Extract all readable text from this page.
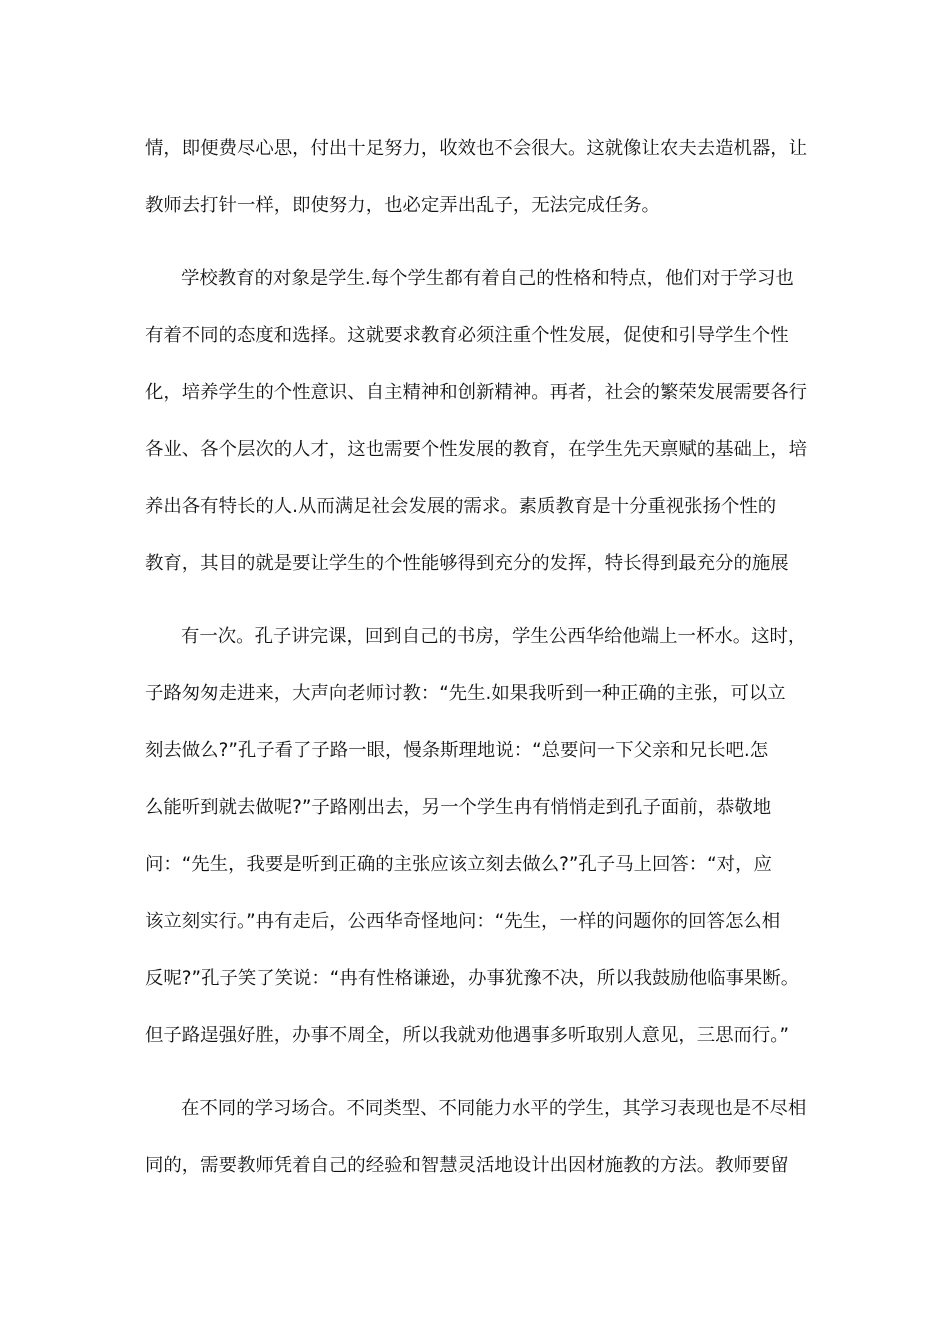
情，即便费尽心思，付出十足努力，收效也不会很大。这就像让农夫去造机器，让
教师去打针一样，即使努力，也必定弄出乱子，无法完成任务。
学校教育的对象是学生.每个学生都有着自己的性格和特点，他们对于学习也
有着不同的态度和选择。这就要求教育必须注重个性发展，促使和引导学生个性
化，培养学生的个性意识、自主精神和创新精神。再者，社会的繁荣发展需要各行
各业、各个层次的人才，这也需要个性发展的教育，在学生先天禀赋的基础上，培
养出各有特长的人.从而满足社会发展的需求。素质教育是十分重视张扬个性的
教育，其目的就是要让学生的个性能够得到充分的发挥，特长得到最充分的施展
有一次。孔子讲完课，回到自己的书房，学生公西华给他端上一杯水。这时，
子路匆匆走进来，大声向老师讨教：“先生.如果我听到一种正确的主张，可以立
刻去做么?”孔子看了子路一眼，慢条斯理地说：“总要问一下父亲和兄长吧.怎
么能听到就去做呢?”子路刚出去，另一个学生冉有悄悄走到孔子面前，恭敬地
问：“先生，我要是听到正确的主张应该立刻去做么?”孔子马上回答：“对，应
该立刻实行。”冉有走后，公西华奇怪地问：“先生，一样的问题你的回答怎么相
反呢?”孔子笑了笑说：“冉有性格谦逊，办事犹豫不决，所以我鼓励他临事果断。
但子路逞强好胜，办事不周全，所以我就劝他遇事多听取别人意见，三思而行。”
在不同的学习场合。不同类型、不同能力水平的学生，其学习表现也是不尽相
同的，需要教师凭着自己的经验和智慧灵活地设计出因材施教的方法。教师要留
